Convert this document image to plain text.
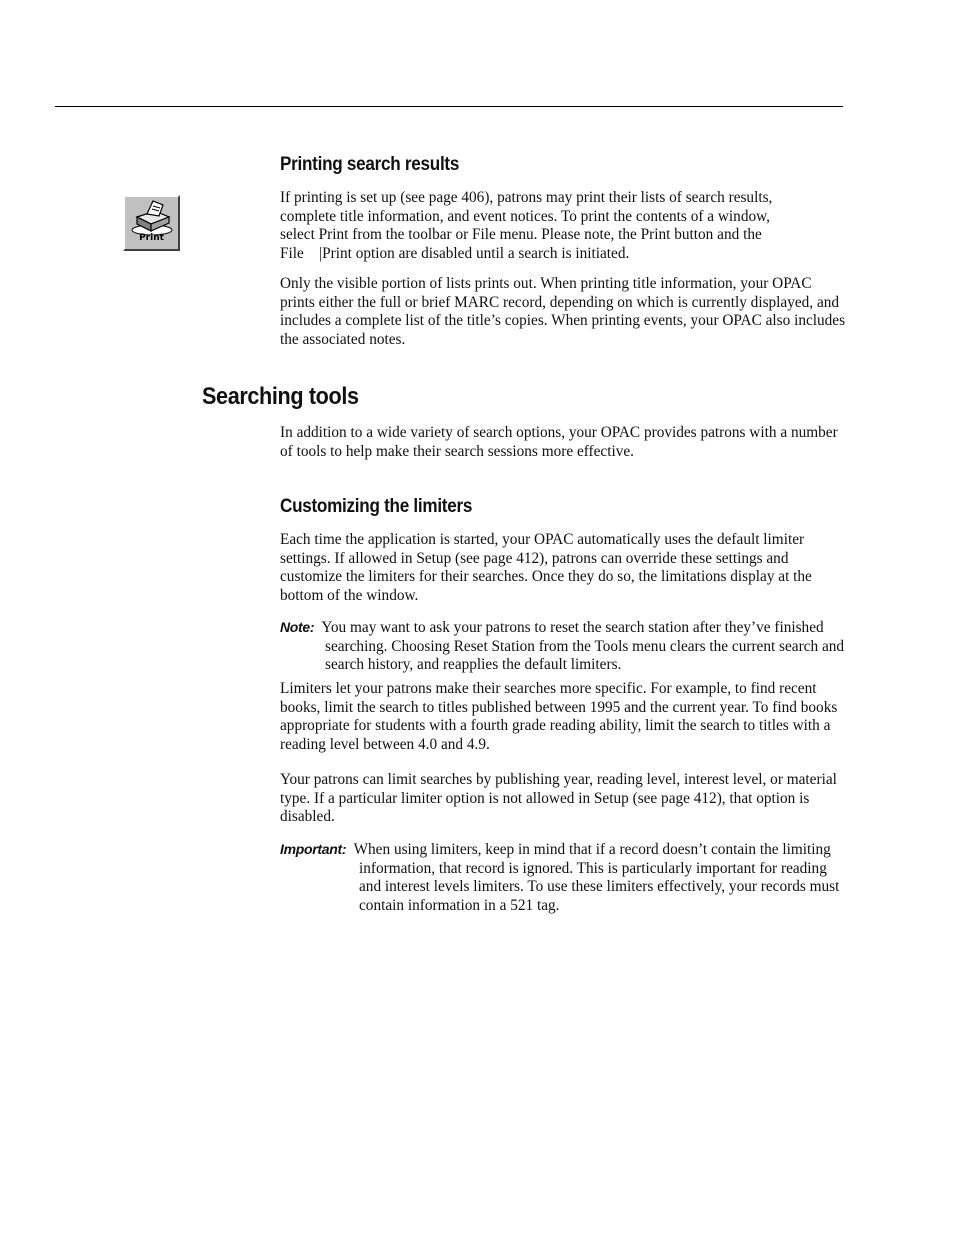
Printing search results
Print
If printing is set up (see page 406), patrons may print their lists of search results,
complete title information, and event notices. To print the contents of a window,
select Print from the toolbar or File menu. Please note, the Print button and the
File |Print option are disabled until a search is initiated.

Only the visible portion of lists prints out. When printing title information, your OPAC prints either the full or brief MARC record, depending on which is currently displayed, and includes a complete list of the title’s copies. When printing events, your OPAC also includes the associated notes.

Searching tools

In addition to a wide variety of search options, your OPAC provides patrons with a number of tools to help make their search sessions more effective.

Customizing the limiters

Each time the application is started, your OPAC automatically uses the default limiter settings. If allowed in Setup (see page 412), patrons can override these settings and customize the limiters for their searches. Once they do so, the limitations display at the bottom of the window.

Note: You may want to ask your patrons to reset the search station after they’ve finished searching. Choosing Reset Station from the Tools menu clears the current search and search history, and reapplies the default limiters.

Limiters let your patrons make their searches more specific. For example, to find recent books, limit the search to titles published between 1995 and the current year. To find books appropriate for students with a fourth grade reading ability, limit the search to titles with a reading level between 4.0 and 4.9.

Your patrons can limit searches by publishing year, reading level, interest level, or material type. If a particular limiter option is not allowed in Setup (see page 412), that option is disabled.

Important: When using limiters, keep in mind that if a record doesn’t contain the limiting information, that record is ignored. This is particularly important for reading and interest levels limiters. To use these limiters effectively, your records must contain information in a 521 tag.
